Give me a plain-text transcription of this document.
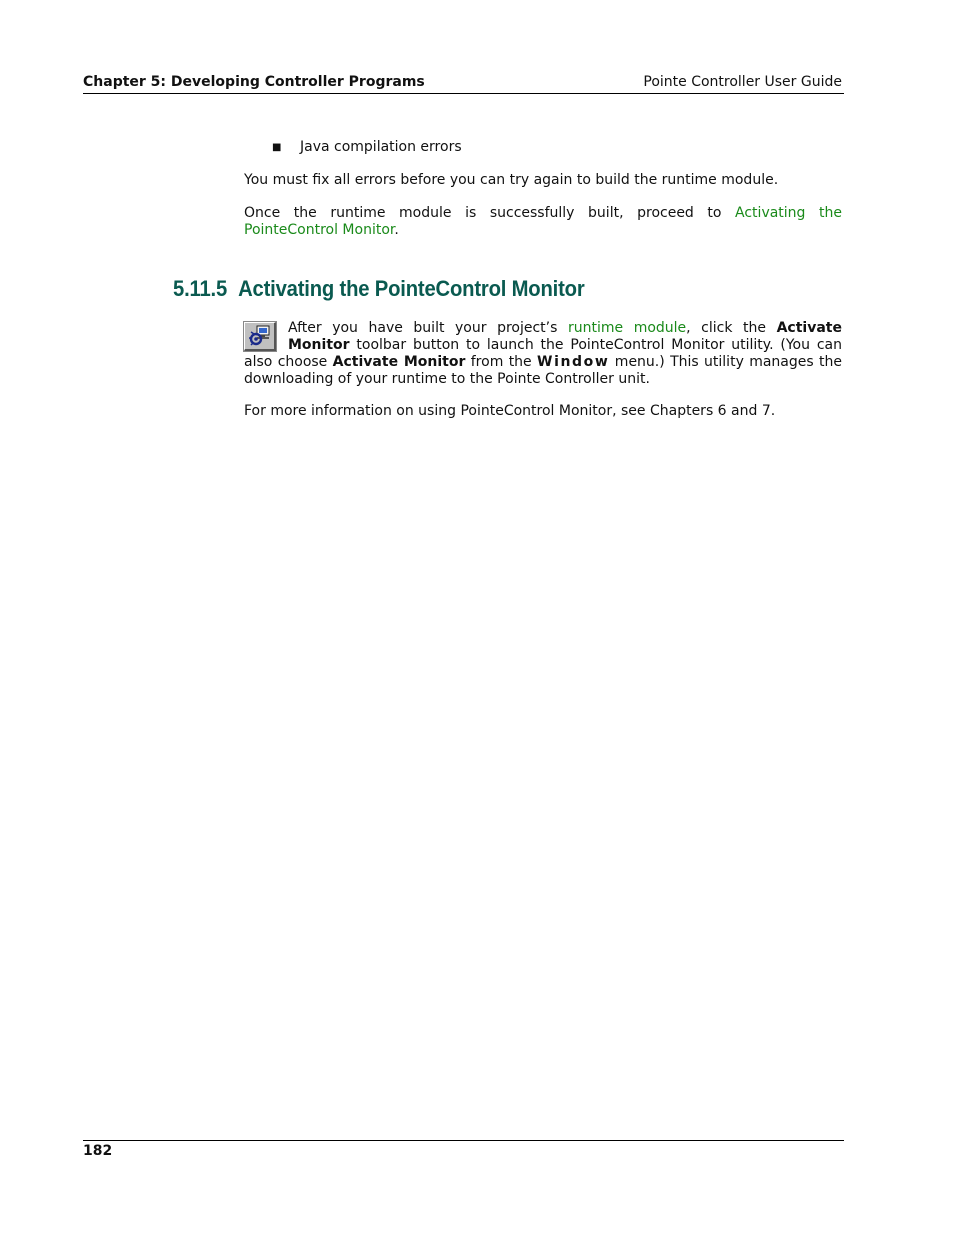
Chapter 5: Developing Controller Programs	Pointe Controller User Guide
■ Java compilation errors
You must fix all errors before you can try again to build the runtime module.
Once the runtime module is successfully built, proceed to Activating the PointeControl Monitor.
5.11.5 Activating the PointeControl Monitor
After you have built your project’s runtime module, click the Activate Monitor toolbar button to launch the PointeControl Monitor utility. (You can also choose Activate Monitor from the Window menu.) This utility manages the downloading of your runtime to the Pointe Controller unit.
For more information on using PointeControl Monitor, see Chapters 6 and 7.
182
